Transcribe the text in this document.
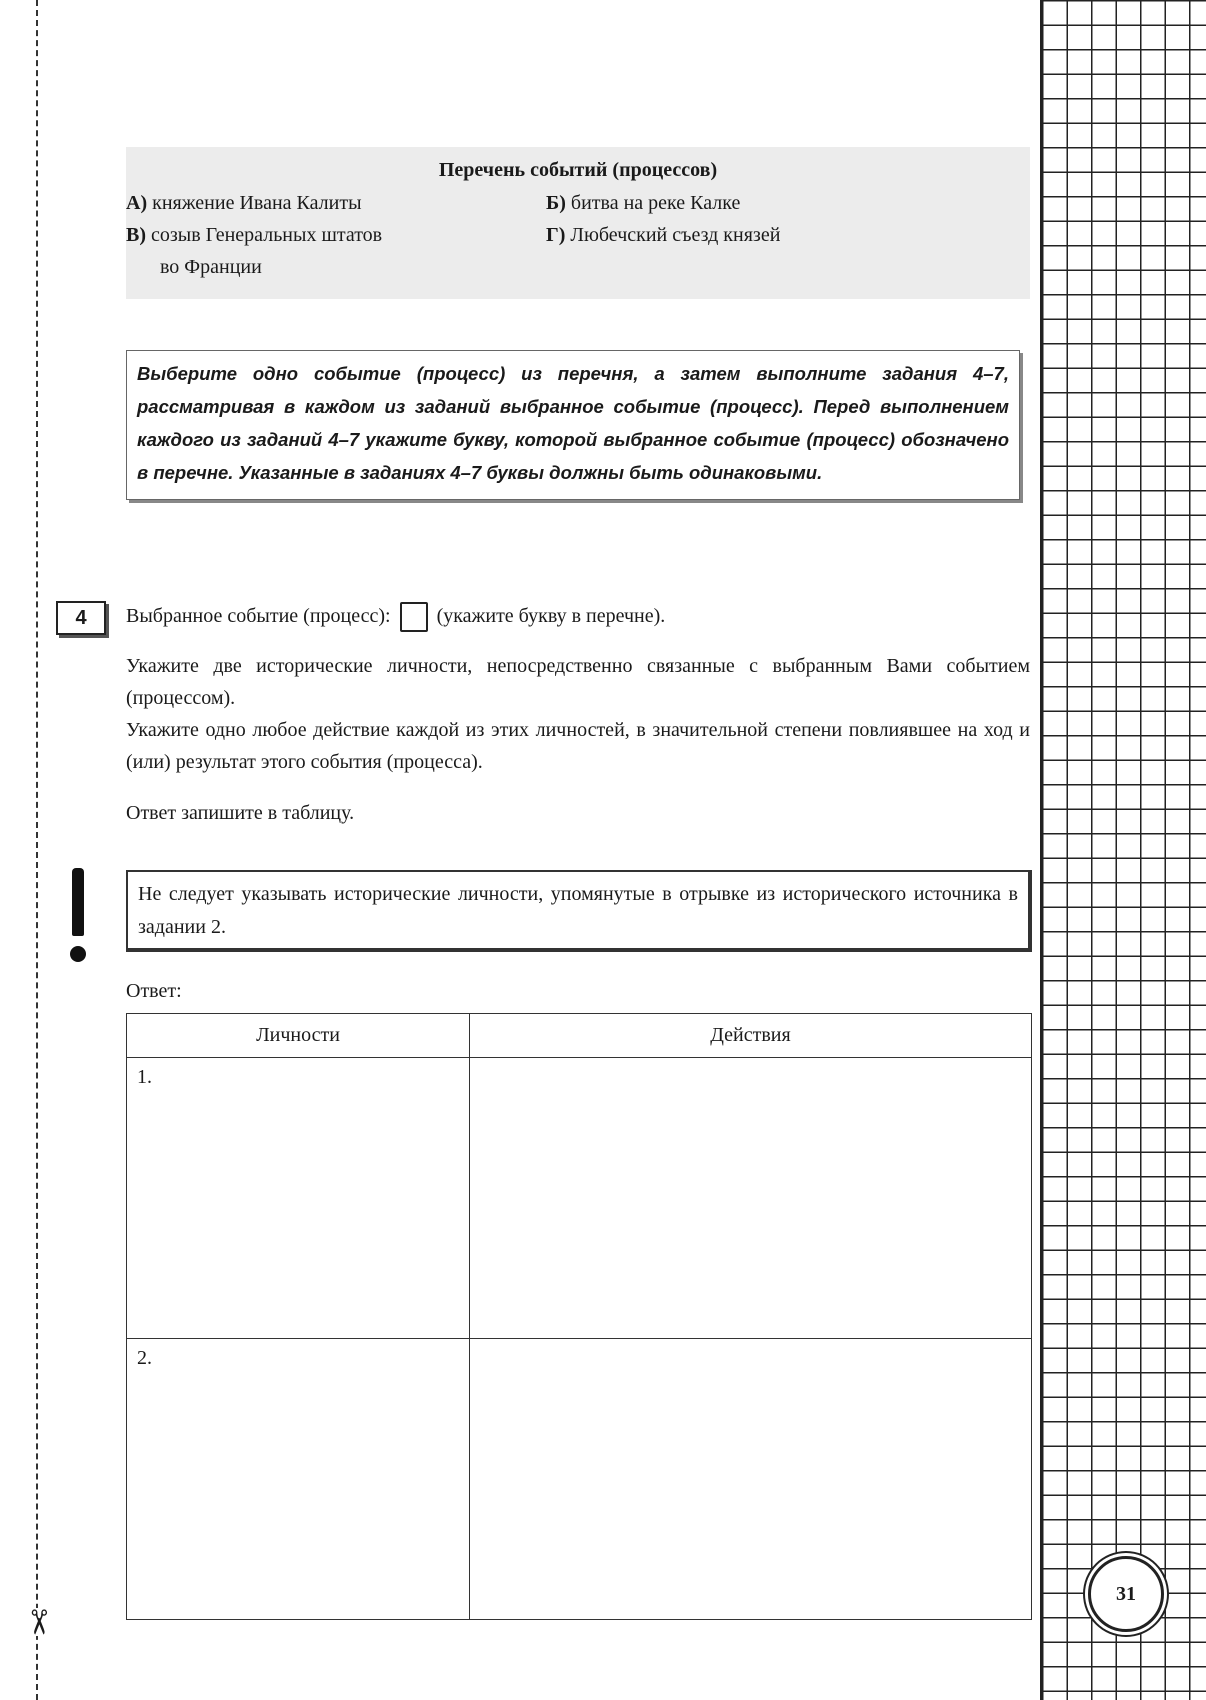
✂
31
Перечень событий (процессов)
А) княжение Ивана Калиты	Б) битва на реке Калке
В) созыв Генеральных штатов
во Франции
Г) Любечский съезд князей
Выберите одно событие (процесс) из перечня, а затем выполните задания 4–7, рассматривая в каждом из заданий выбранное событие (процесс). Перед выполнением каждого из заданий 4–7 укажите букву, которой выбранное событие (процесс) обозначено в перечне. Указанные в заданиях 4–7 буквы должны быть одинаковыми.
4	Выбранное событие (процесс): (укажите букву в перечне).
Укажите две исторические личности, непосредственно связанные с выбранным Вами событием (процессом).
Укажите одно любое действие каждой из этих личностей, в значительной степени повлиявшее на ход и (или) результат этого события (процесса).
Ответ запишите в таблицу.
Не следует указывать исторические личности, упомянутые в отрывке из исторического источника в задании 2.
Ответ:
Личности	Действия
1.	
2.	
